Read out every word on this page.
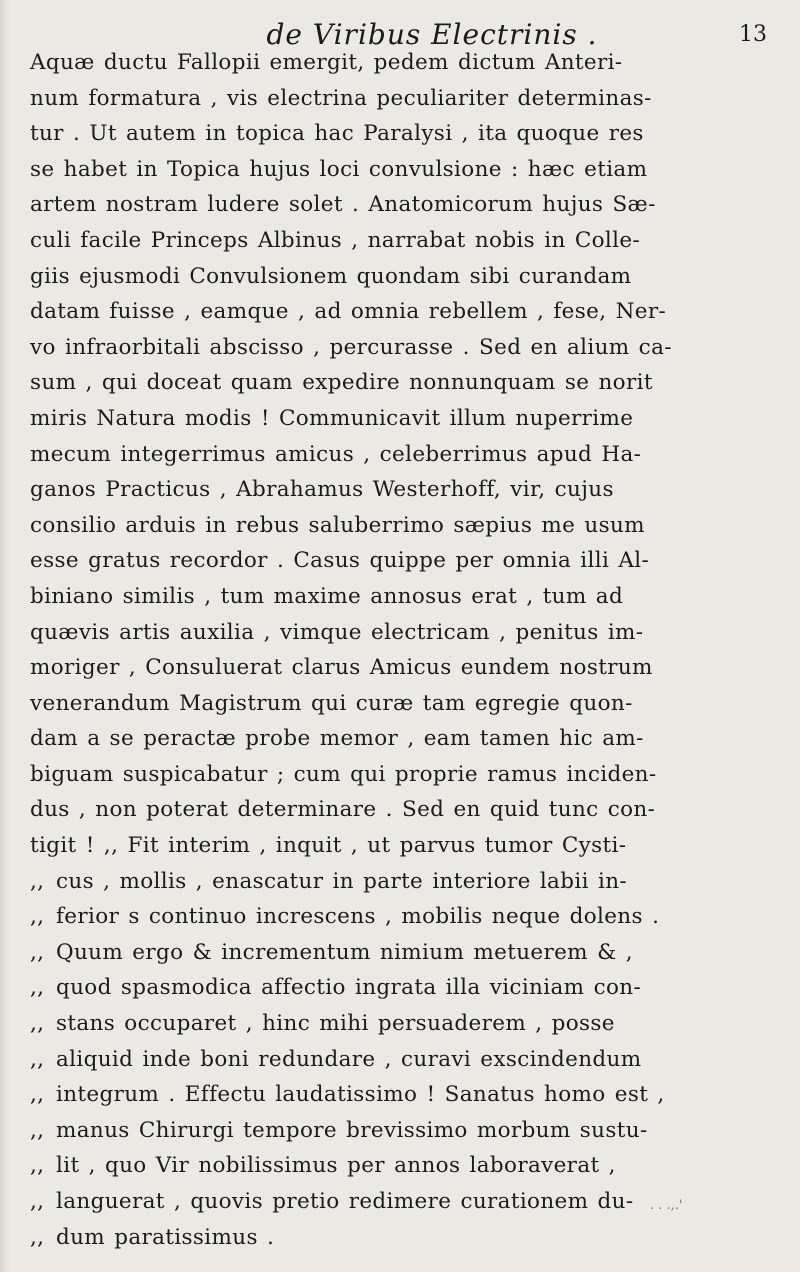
de Viribus Electrinis .	13
Aquæ ductu Fallopii emergit, pedem dictum Anteri-
num formatura , vis electrina peculiariter determinas-
tur . Ut autem in topica hac Paralysi , ita quoque res
se habet in Topica hujus loci convulsione : hæc etiam
artem nostram ludere solet . Anatomicorum hujus Sæ-
culi facile Princeps Albinus , narrabat nobis in Colle-
giis ejusmodi Convulsionem quondam sibi curandam
datam fuisse , eamque , ad omnia rebellem , fese, Ner-
vo infraorbitali abscisso , percurasse . Sed en alium ca-
sum , qui doceat quam expedire nonnunquam se norit
miris Natura modis ! Communicavit illum nuperrime
mecum integerrimus amicus , celeberrimus apud Ha-
ganos Practicus , Abrahamus Westerhoff, vir, cujus
consilio arduis in rebus saluberrimo sæpius me usum
esse gratus recordor . Casus quippe per omnia illi Al-
biniano similis , tum maxime annosus erat , tum ad
quævis artis auxilia , vimque electricam , penitus im-
moriger , Consuluerat clarus Amicus eundem nostrum
venerandum Magistrum qui curæ tam egregie quon-
dam a se peractæ probe memor , eam tamen hic am-
biguam suspicabatur ; cum qui proprie ramus inciden-
dus , non poterat determinare . Sed en quid tunc con-
tigit ! ,, Fit interim , inquit , ut parvus tumor Cysti-
,, cus , mollis , enascatur in parte interiore labii in-
,, ferior s continuo increscens , mobilis neque dolens .
,, Quum ergo & incrementum nimium metuerem & ,
,, quod spasmodica affectio ingrata illa viciniam con-
,, stans occuparet , hinc mihi persuaderem , posse
,, aliquid inde boni redundare , curavi exscindendum
,, integrum . Effectu laudatissimo ! Sanatus homo est ,
,, manus Chirurgi tempore brevissimo morbum sustu-
,, lit , quo Vir nobilissimus per annos laboraverat ,
,, languerat , quovis pretio redimere curationem du-
,, dum paratissimus .
. . .,.'
